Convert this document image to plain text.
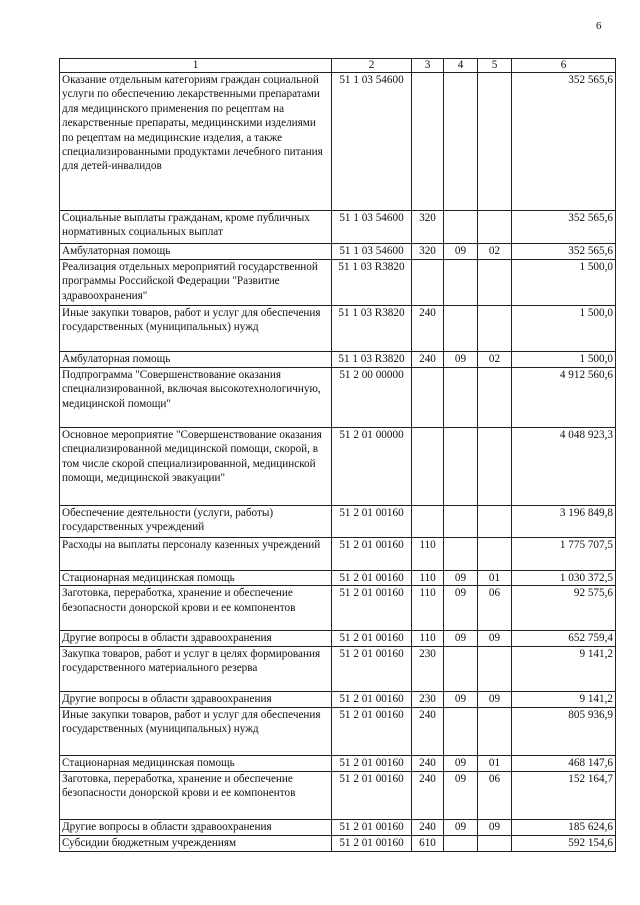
6
1	2	3	4	5	6
Оказание отдельным категориям граждан социальной услуги по обеспечению лекарственными препаратами для медицинского применения по рецептам на лекарственные препараты, медицинскими изделиями по рецептам на медицинские изделия, а также специализированными продуктами лечебного питания для детей-инвалидов	51 1 03 54600				352 565,6
Социальные выплаты гражданам, кроме публичных нормативных социальных выплат	51 1 03 54600	320			352 565,6
Амбулаторная помощь	51 1 03 54600	320	09	02	352 565,6
Реализация отдельных мероприятий государственной программы Российской Федерации "Развитие здравоохранения"	51 1 03 R3820				1 500,0
Иные закупки товаров, работ и услуг для обеспечения государственных (муниципальных) нужд	51 1 03 R3820	240			1 500,0
Амбулаторная помощь	51 1 03 R3820	240	09	02	1 500,0
Подпрограмма "Совершенствование оказания специализированной, включая высокотехнологичную, медицинской помощи"	51 2 00 00000				4 912 560,6
Основное мероприятие "Совершенствование оказания специализированной медицинской помощи, скорой, в том числе скорой специализированной, медицинской помощи, медицинской эвакуации"	51 2 01 00000				4 048 923,3
Обеспечение деятельности (услуги, работы) государственных учреждений	51 2 01 00160				3 196 849,8
Расходы на выплаты персоналу казенных учреждений	51 2 01 00160	110			1 775 707,5
Стационарная медицинская помощь	51 2 01 00160	110	09	01	1 030 372,5
Заготовка, переработка, хранение и обеспечение безопасности донорской крови и ее компонентов	51 2 01 00160	110	09	06	92 575,6
Другие вопросы в области здравоохранения	51 2 01 00160	110	09	09	652 759,4
Закупка товаров, работ и услуг в целях формирования государственного материального резерва	51 2 01 00160	230			9 141,2
Другие вопросы в области здравоохранения	51 2 01 00160	230	09	09	9 141,2
Иные закупки товаров, работ и услуг для обеспечения государственных (муниципальных) нужд	51 2 01 00160	240			805 936,9
Стационарная медицинская помощь	51 2 01 00160	240	09	01	468 147,6
Заготовка, переработка, хранение и обеспечение безопасности донорской крови и ее компонентов	51 2 01 00160	240	09	06	152 164,7
Другие вопросы в области здравоохранения	51 2 01 00160	240	09	09	185 624,6
Субсидии бюджетным учреждениям	51 2 01 00160	610			592 154,6
